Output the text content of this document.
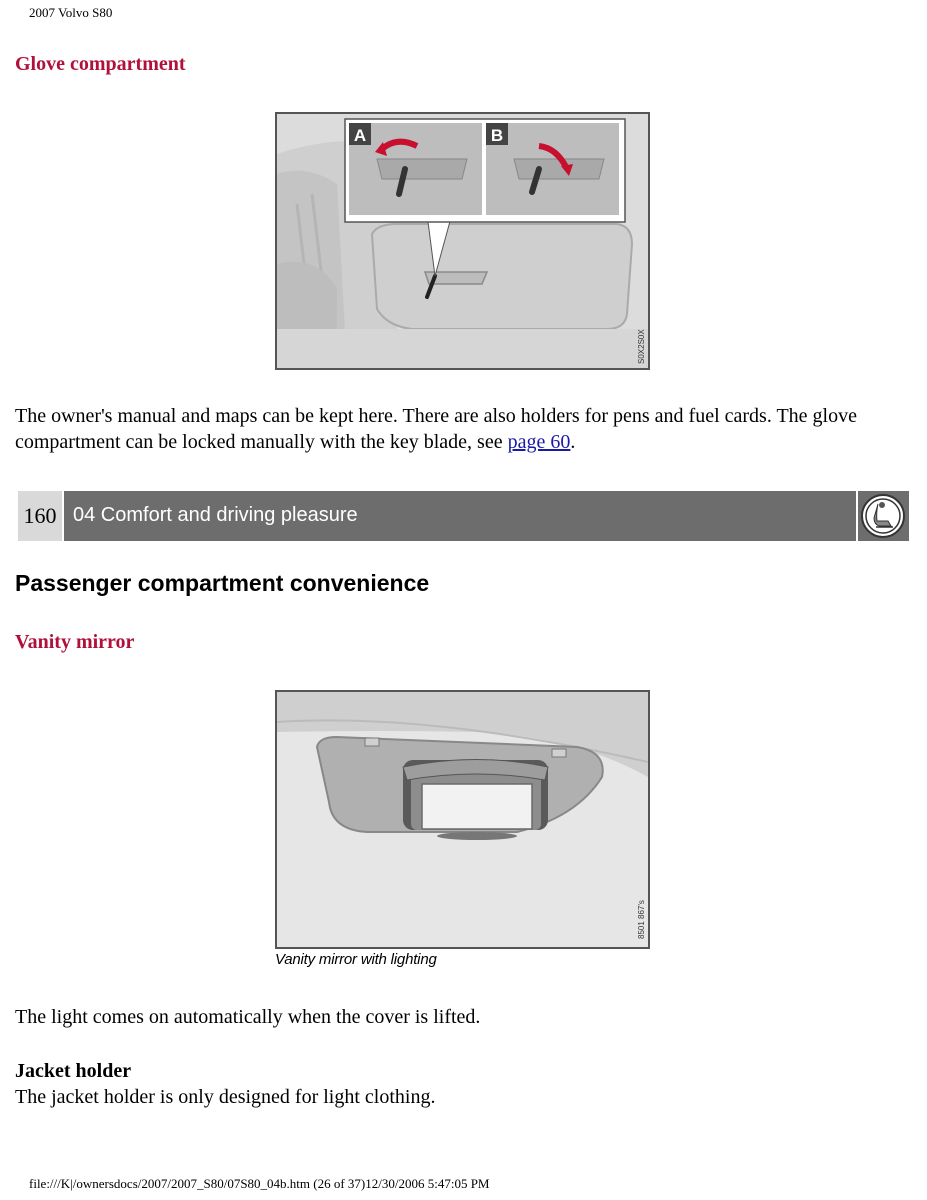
2007 Volvo S80
Glove compartment
A	B
S0X2S0X
The owner's manual and maps can be kept here. There are also holders for pens and fuel cards. The glove compartment can be locked manually with the key blade, see page 60.
160 04 Comfort and driving pleasure
Passenger compartment convenience
Vanity mirror
8501 867's
Vanity mirror with lighting
The light comes on automatically when the cover is lifted.
Jacket holder
The jacket holder is only designed for light clothing.
file:///K|/ownersdocs/2007/2007_S80/07S80_04b.htm (26 of 37)12/30/2006 5:47:05 PM
